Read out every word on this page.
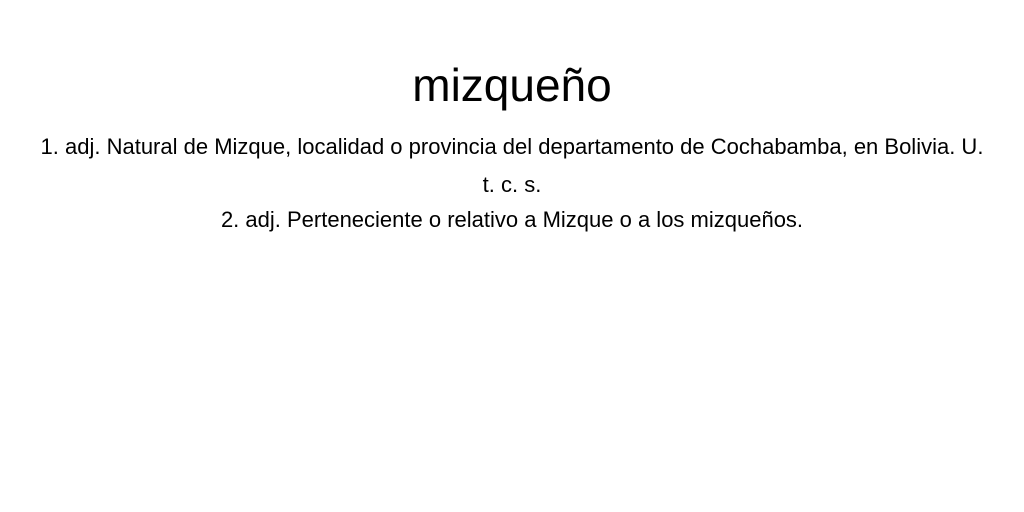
mizqueño
1. adj. Natural de Mizque, localidad o provincia del departamento de Cochabamba, en Bolivia. U. t. c. s.
2. adj. Perteneciente o relativo a Mizque o a los mizqueños.
